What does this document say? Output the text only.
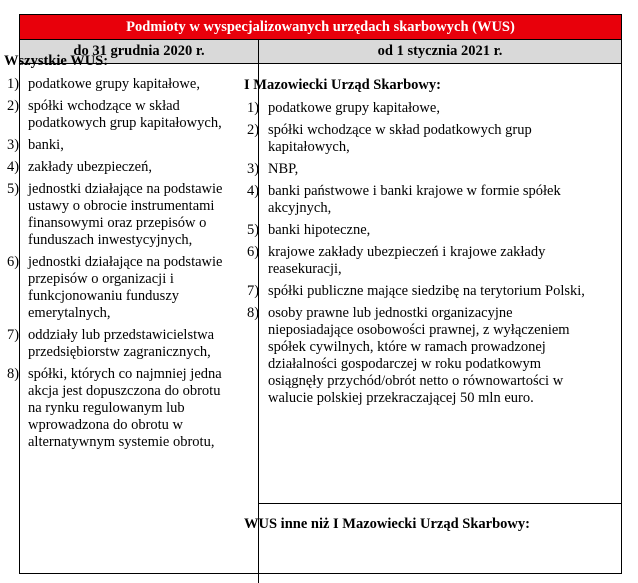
Podmioty w wyspecjalizowanych urzędach skarbowych (WUS)
do 31 grudnia 2020 r.	od 1 stycznia 2021 r.
Wszystkie WUS:
1) podatkowe grupy kapitałowe,
2) spółki wchodzące w skład podatkowych grup kapitałowych,
3) banki,
4) zakłady ubezpieczeń,
5) jednostki działające na podstawie ustawy o obrocie instrumentami finansowymi oraz przepisów o funduszach inwestycyjnych,
6) jednostki działające na podstawie przepisów o organizacji i funkcjonowaniu funduszy emerytalnych,
7) oddziały lub przedstawicielstwa przedsiębiorstw zagranicznych,
8) spółki, których co najmniej jedna akcja jest dopuszczona do obrotu na rynku regulowanym lub wprowadzona do obrotu w alternatywnym systemie obrotu,
I Mazowiecki Urząd Skarbowy:
1) podatkowe grupy kapitałowe,
2) spółki wchodzące w skład podatkowych grup kapitałowych,
3) NBP,
4) banki państwowe i banki krajowe w formie spółek akcyjnych,
5) banki hipoteczne,
6) krajowe zakłady ubezpieczeń i krajowe zakłady reasekuracji,
7) spółki publiczne mające siedzibę na terytorium Polski,
8) osoby prawne lub jednostki organizacyjne nieposiadające osobowości prawnej, z wyłączeniem spółek cywilnych, które w ramach prowadzonej działalności gospodarczej w roku podatkowym osiągnęły przychód/obrót netto o równowartości w walucie polskiej przekraczającej 50 mln euro.
WUS inne niż I Mazowiecki Urząd Skarbowy:
